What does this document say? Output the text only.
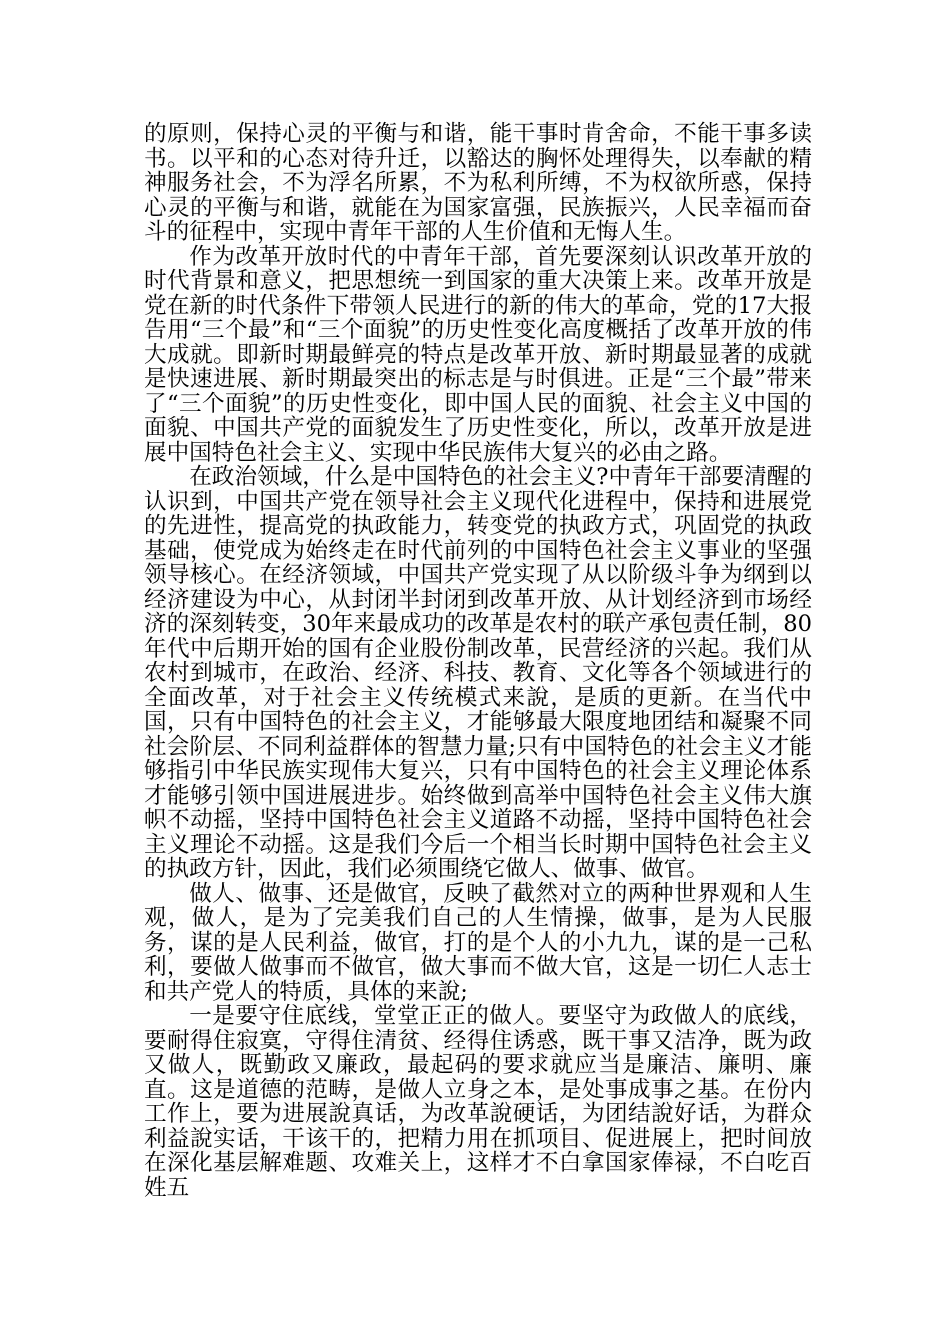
的原则，保持心灵的平衡与和谐，能干事时肯舍命，不能干事多读书。以平和的心态对待升迁，以豁达的胸怀处理得失，以奉献的精神服务社会，不为浮名所累，不为私利所缚，不为权欲所惑，保持心灵的平衡与和谐，就能在为国家富强，民族振兴，人民幸福而奋斗的征程中，实现中青年干部的人生价值和无悔人生。

作为改革开放时代的中青年干部，首先要深刻认识改革开放的时代背景和意义，把思想统一到国家的重大决策上来。改革开放是党在新的时代条件下带领人民进行的新的伟大的革命，党的17大报告用“三个最”和“三个面貌”的历史性变化高度概括了改革开放的伟大成就。即新时期最鲜亮的特点是改革开放、新时期最显著的成就是快速进展、新时期最突出的标志是与时俱进。正是“三个最”带来了“三个面貌”的历史性变化，即中国人民的面貌、社会主义中国的面貌、中国共产党的面貌发生了历史性变化，所以，改革开放是进展中国特色社会主义、实现中华民族伟大复兴的必由之路。

在政治领域，什么是中国特色的社会主义?中青年干部要清醒的认识到，中国共产党在领导社会主义现代化进程中，保持和进展党的先进性，提高党的执政能力，转变党的执政方式，巩固党的执政基础，使党成为始终走在时代前列的中国特色社会主义事业的坚强领导核心。在经济领域，中国共产党实现了从以阶级斗争为纲到以经济建设为中心，从封闭半封闭到改革开放、从计划经济到市场经济的深刻转变，30年来最成功的改革是农村的联产承包责任制，80年代中后期开始的国有企业股份制改革，民营经济的兴起。我们从农村到城市，在政治、经济、科技、教育、文化等各个领域进行的全面改革，对于社会主义传统模式来說，是质的更新。在当代中国，只有中国特色的社会主义，才能够最大限度地团结和凝聚不同社会阶层、不同利益群体的智慧力量;只有中国特色的社会主义才能够指引中华民族实现伟大复兴，只有中国特色的社会主义理论体系才能够引领中国进展进步。始终做到高举中国特色社会主义伟大旗帜不动摇，坚持中国特色社会主义道路不动摇，坚持中国特色社会主义理论不动摇。这是我们今后一个相当长时期中国特色社会主义的执政方针，因此，我们必须围绕它做人、做事、做官。

做人、做事、还是做官，反映了截然对立的两种世界观和人生观，做人，是为了完美我们自己的人生情操，做事，是为人民服务，谋的是人民利益，做官，打的是个人的小九九，谋的是一己私利，要做人做事而不做官，做大事而不做大官，这是一切仁人志士和共产党人的特质，具体的来說;

一是要守住底线，堂堂正正的做人。要坚守为政做人的底线，要耐得住寂寞，守得住清贫、经得住诱惑，既干事又洁净，既为政又做人，既勤政又廉政，最起码的要求就应当是廉洁、廉明、廉直。这是道德的范畴，是做人立身之本，是处事成事之基。在份内工作上，要为进展說真话，为改革說硬话，为团结說好话，为群众利益說实话，干该干的，把精力用在抓项目、促进展上，把时间放在深化基层解难题、攻难关上，这样才不白拿国家俸禄，不白吃百姓五
